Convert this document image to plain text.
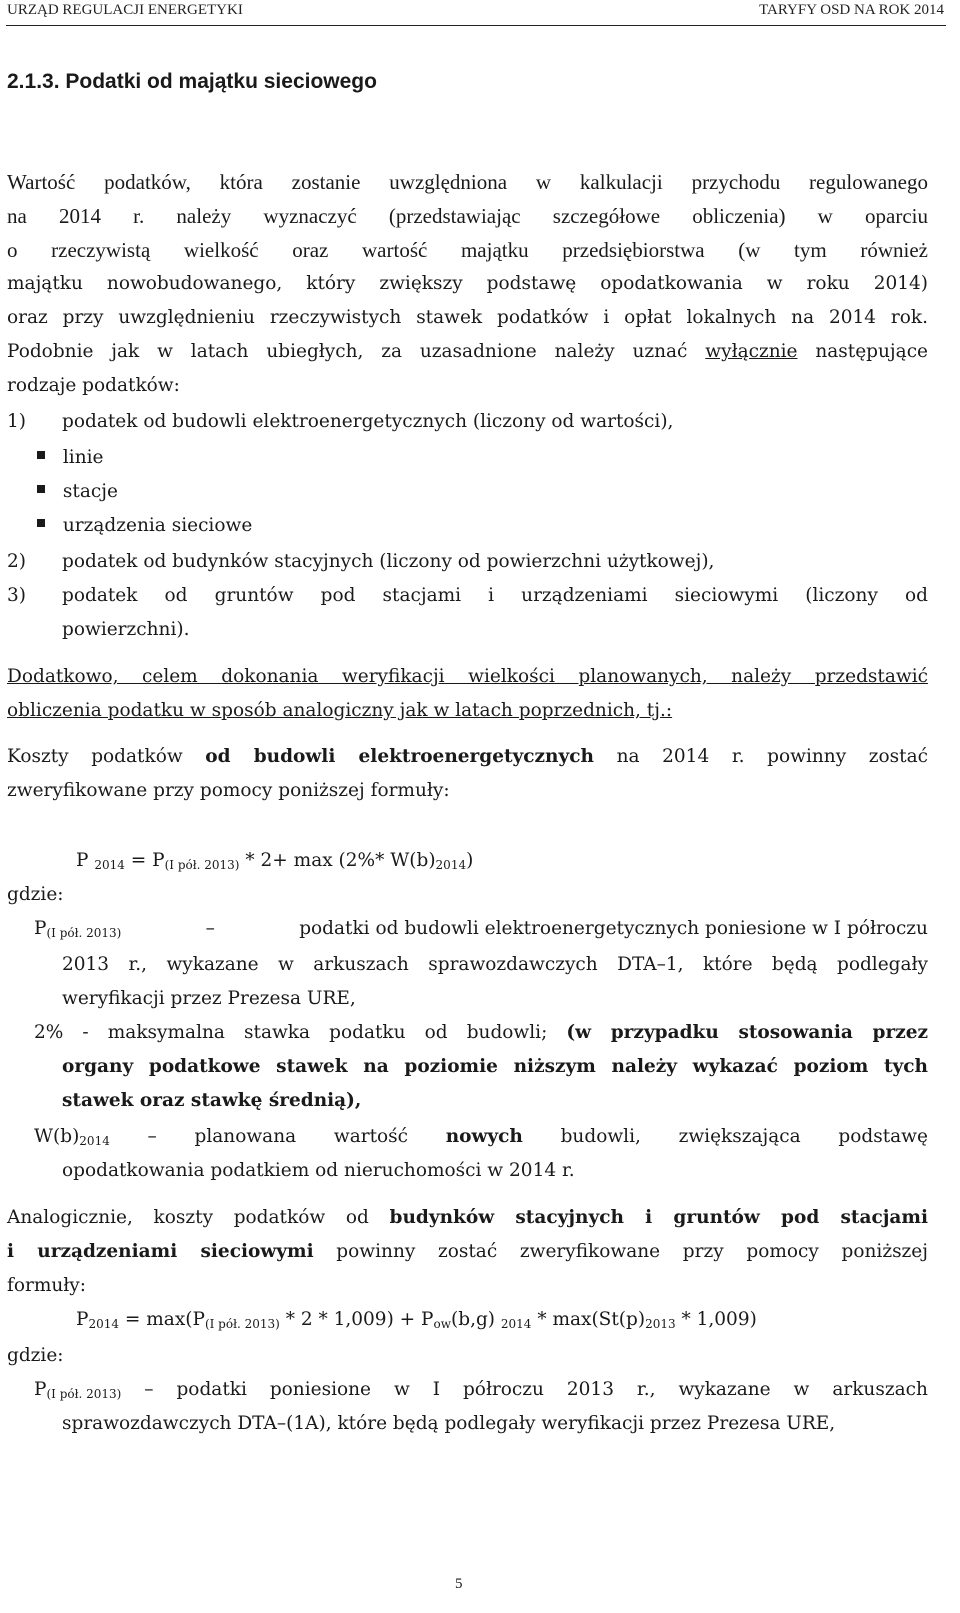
URZĄD REGULACJI ENERGETYKI	TARYFY OSD NA ROK 2014
2.1.3. Podatki od majątku sieciowego
Wartość podatków, która zostanie uwzględniona w kalkulacji przychodu regulowanego
na 2014 r. należy wyznaczyć (przedstawiając szczegółowe obliczenia) w oparciu
o rzeczywistą wielkość oraz wartość majątku przedsiębiorstwa (w tym również
majątku nowobudowanego, który zwiększy podstawę opodatkowania w roku 2014)
oraz przy uwzględnieniu rzeczywistych stawek podatków i opłat lokalnych na 2014 rok.
Podobnie jak w latach ubiegłych, za uzasadnione należy uznać wyłącznie następujące
rodzaje podatków:
1) podatek od budowli elektroenergetycznych (liczony od wartości),
linie
stacje
urządzenia sieciowe
2) podatek od budynków stacyjnych (liczony od powierzchni użytkowej),
3) podatek od gruntów pod stacjami i urządzeniami sieciowymi (liczony od
powierzchni).
Dodatkowo, celem dokonania weryfikacji wielkości planowanych, należy przedstawić
obliczenia podatku w sposób analogiczny jak w latach poprzednich, tj.:
Koszty podatków od budowli elektroenergetycznych na 2014 r. powinny zostać
zweryfikowane przy pomocy poniższej formuły:
P $_{2014} = P_{(I pół. 2013)} * 2+ \max (2\%*$ $W(b)_{2014}$)
gdzie:
$P_{(I pół. 2013)}$	–	podatki od budowli elektroenergetycznych poniesione w I półroczu
2013 r., wykazane w arkuszach sprawozdawczych DTA–1, które będą podlegały
weryfikacji przez Prezesa URE,
2% - maksymalna stawka podatku od budowli; (w przypadku stosowania przez
organy podatkowe stawek na poziomie niższym należy wykazać poziom tych
stawek oraz stawkę średnią),
$W(b)_{2014}$ – planowana wartość nowych budowli, zwiększająca podstawę
opodatkowania podatkiem od nieruchomości w 2014 r.
Analogicznie, koszty podatków od budynków stacyjnych i gruntów pod stacjami
i urządzeniami sieciowymi powinny zostać zweryfikowane przy pomocy poniższej
formuły:
$P_{2014} = \max(P_{(I pół. 2013)} * 2 * 1,009) + P_{ow}(b,g)$ $_{2014} * \max(St(p)_{2013} * 1,009)$
gdzie:
$P_{(I pół. 2013)}$ – podatki poniesione w I półroczu 2013 r., wykazane w arkuszach
sprawozdawczych DTA–(1A), które będą podlegały weryfikacji przez Prezesa URE,
5
